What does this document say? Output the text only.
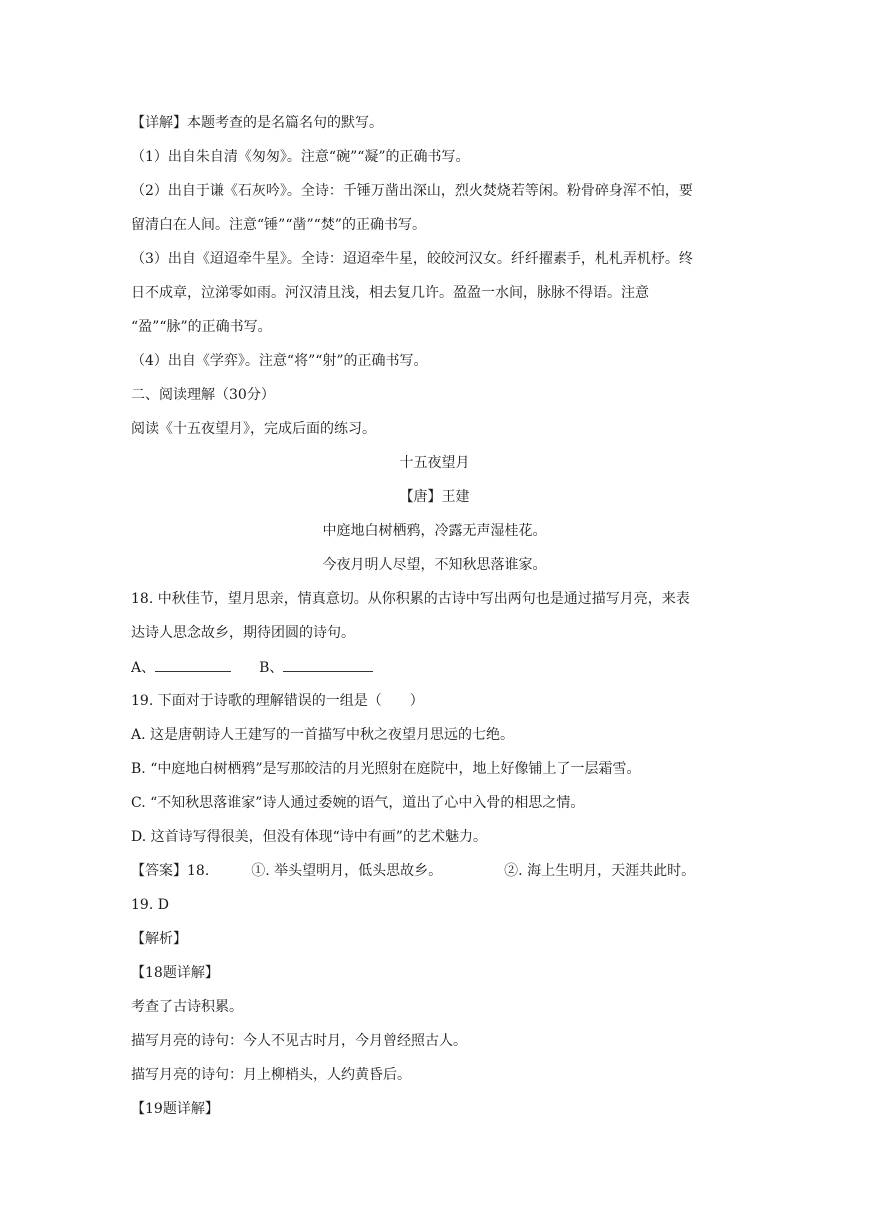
【详解】本题考查的是名篇名句的默写。
（1）出自朱自清《匆匆》。注意“碗”“凝”的正确书写。
（2）出自于谦《石灰吟》。全诗：千锤万凿出深山，烈火焚烧若等闲。粉骨碎身浑不怕，要
留清白在人间。注意“锤”“凿”“焚”的正确书写。
（3）出自《迢迢牵牛星》。全诗：迢迢牵牛星，皎皎河汉女。纤纤擢素手，札札弄机杼。终
日不成章，泣涕零如雨。河汉清且浅，相去复几许。盈盈一水间，脉脉不得语。注意
“盈”“脉”的正确书写。
（4）出自《学弈》。注意“将”“射”的正确书写。
二、阅读理解（30分）
阅读《十五夜望月》，完成后面的练习。
十五夜望月
【唐】王建
中庭地白树栖鸦，冷露无声湿桂花。
今夜月明人尽望，不知秋思落谁家。
18. 中秋佳节，望月思亲，情真意切。从你积累的古诗中写出两句也是通过描写月亮，来表
达诗人思念故乡，期待团圆的诗句。
A、	B、
19. 下面对于诗歌的理解错误的一组是（　　）
A. 这是唐朝诗人王建写的一首描写中秋之夜望月思远的七绝。
B. “中庭地白树栖鸦”是写那皎洁的月光照射在庭院中，地上好像铺上了一层霜雪。
C. “不知秋思落谁家”诗人通过委婉的语气，道出了心中入骨的相思之情。
D. 这首诗写得很美，但没有体现“诗中有画”的艺术魅力。
【答案】18.	①. 举头望明月，低头思故乡。	②. 海上生明月，天涯共此时。
19. D
【解析】
【18题详解】
考查了古诗积累。
描写月亮的诗句：今人不见古时月，今月曾经照古人。
描写月亮的诗句：月上柳梢头，人约黄昏后。
【19题详解】
